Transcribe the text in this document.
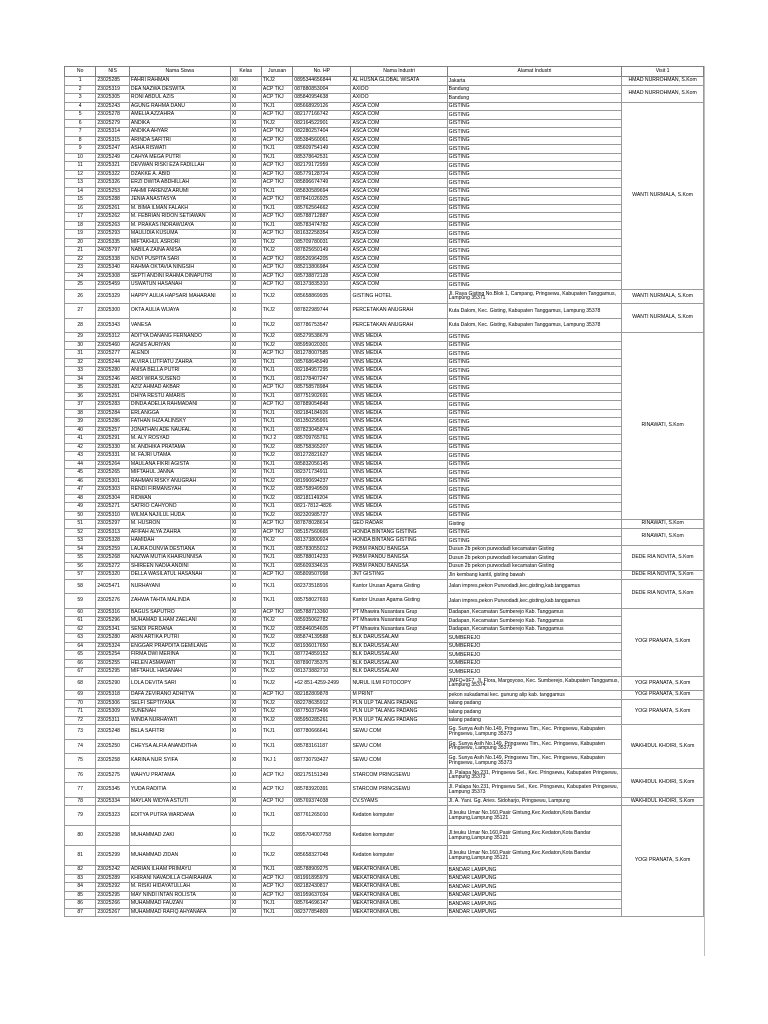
No	NIS	Nama Siswa	Kelas	Jurusan	No. HP	Nama Industri	Alamat Industri	Visit 1
1	23025285	FAHRI RAHMAN	XII	TKJ2	0895344656844	AL HUSNA GLOBAL WISATA	Jakarta	HMAD NURROHMAN, S.Kom
2	23025319	DEA NAZWA DESWITA	XI	ACP TKJ	087880853004	AXIOO	Bandung	HMAD NURROHMAN, S.Kom
3	23025305	RONI ABDUL AZIS	XI	ACP TKJ	085840954638	AXIOO	Bandung	
4	23025243	AGUNG RAHMA DANU	XI	TKJ1	085668929126	ASCA COM	GISTING	WANTI NURMALA, S.Kom
5	23025278	AMELIA AZZAHRA	XI	ACP TKJ	082177166742	ASCA COM	GISTING	
6	23025279	ANDIKA	XI	TKJ2	082164522901	ASCA COM	GISTING	
7	23025314	ANDIKA AHYAR	XI	ACP TKJ	082280257404	ASCA COM	GISTING	
8	23025315	ARINDA SAFITRI	XI	ACP TKJ	085384560061	ASCA COM	GISTING	
9	23025247	ASHA RISWATI	XI	TKJ1	085609754149	ASCA COM	GISTING	
10	23025249	CAHYA MEGA PUTRI	XI	TKJ1	085378642531	ASCA COM	GISTING	
11	23025321	DEVWAN RISKI EZA FADILLAH	XI	ACP TKJ	082179172959	ASCA COM	GISTING	
12	23025322	DZAKKE A. ABID	XI	ACP TKJ	085779128724	ASCA COM	GISTING	
13	23025326	ERZI DWITA ABDHILLAH	XI	ACP TKJ	085896674749	ASCA COM	GISTING	
14	23025253	FAHMI FARENZA ARUMI	XI	TKJ1	085830589694	ASCA COM	GISTING	
15	23025288	JENIA ANASTASYA	XI	ACP TKJ	087841026925	ASCA COM	GISTING	
16	23025261	M. BIMA ILMAN FALAKH	XI	TKJ1	085762564662	ASCA COM	GISTING	
17	23025262	M. FEBRIAN RIDON SETIAWAN	XI	ACP TKJ	085788712887	ASCA COM	GISTING	
18	23025263	M. PRAKAS INDRAWIJAYA	XI	TKJ1	085783474782	ASCA COM	GISTING	
19	23025293	MAULIDIA KUSUMA	XI	ACP TKJ	081632258354	ASCA COM	GISTING	
20	23025335	MIFTAKHUL ASRORI	XI	TKJ2	085709780031	ASCA COM	GISTING	
21	24035797	NABILA ZAINA ANISA	XI	TKJ2	087825650149	ASCA COM	GISTING	
22	23025338	NOVI PUSPITA SARI	XI	ACP TKJ	089526964205	ASCA COM	GISTING	
23	23025340	RAHMA OKTAVIA NINGSIH	XI	ACP TKJ	085213806984	ASCA COM	GISTING	
24	23025308	SEPTI ANDINI RAHMA DINAPUTRI	XI	ACP TKJ	085738872128	ASCA COM	GISTING	
25	23025459	USWATUN HASANAH	XI	ACP TKJ	081373835310	ASCA COM	GISTING	
26	23025329	HAPPY AULIA HAPSARI MAHARANI	XI	TKJ2	085658869935	GISTING HOTEL	Jl. Raya Gisting No.Blok 1, Campang, Pringsewu, Kabupaten Tanggamus, Lampung 35371	WANTI NURMALA, S.Kom
27	23025300	OKTA AULIA WIJAYA	XI	TKJ2	087822989744	PERCETAKAN ANUGRAH	Kuta Dalom, Kec. Gisting, Kabupaten Tanggamus, Lampung 35378	WANTI NURMALA, S.Kom
28	23025343	VANESA	XI	TKJ2	087786753547	PERCETAKAN ANUGRAH	Kuta Dalom, Kec. Gisting, Kabupaten Tanggamus, Lampung 35378	
29	23025312	ADITYA DANANG FERNANDO	XI	TKJ2	085279538679	VINS MEDIA	GISTING	RINAWATI, S.Kom
30	23025460	AGNIS AURIYAN	XI	TKJ2	085959020301	VINS MEDIA	GISTING	
31	23025277	ALENDI	XI	ACP TKJ	081278007585	VINS MEDIA	GISTING	
32	23025244	ALVIRA LUTFIATU ZAHRA	XI	TKJ1	085768645949	VINS MEDIA	GISTING	
33	23025280	ANISA BELLA PUTRI	XI	TKJ1	082184957295	VINS MEDIA	GISTING	
34	23025246	ARDI WIRA SUSENO	XI	TKJ1	081278407247	VINS MEDIA	GISTING	
35	23025281	AZIZ AHMAD AKBAR	XI	ACP TKJ	085758578984	VINS MEDIA	GISTING	
36	23025251	DHIYA RESTU AMARIS	XI	TKJ1	087751902691	VINS MEDIA	GISTING	
37	23025283	DINDA ADELIA RAHMADANI	XI	ACP TKJ	087889054848	VINS MEDIA	GISTING	
38	23025284	ERLANGGA	XI	TKJ1	082184184926	VINS MEDIA	GISTING	
39	23025286	FATHAN IHZA ALINSKY	XI	TKJ1	081350295991	VINS MEDIA	GISTING	
40	23025257	JONATHAN ADE NAUFAL	XI	TKJ1	087823045874	VINS MEDIA	GISTING	
41	23025291	M. ALY ROSYAD	XI	TKJ 2	085709765761	VINS MEDIA	GISTING	
42	23025330	M. ANDHIKA PRATAMA	XI	TKJ2	085758365207	VINS MEDIA	GISTING	
43	23025331	M. FAJRI UTAMA	XI	TKJ2	081272821627	VINS MEDIA	GISTING	
44	23025264	MAULANA FIKRI AGISTA	XI	TKJ1	085832056145	VINS MEDIA	GISTING	
45	23025265	MIFTAHUL JANNA	XI	TKJ1	082371734911	VINS MEDIA	GISTING	
46	23025301	RAHMAN RISKY ANUGRAH	XI	TKJ2	081990694237	VINS MEDIA	GISTING	
47	23025303	RENDI FIRMANSYAH	XI	TKJ2	085758949509	VINS MEDIA	GISTING	
48	23025304	RIDWAN	XI	TKJ2	082181149204	VINS MEDIA	GISTING	
49	23025271	SATRIO CAHYONO	XI	TKJ1	0821-7812-4826	VINS MEDIA	GISTING	
50	23025310	WILMA NAJILUL HUDA	XI	TKJ2	082320985727	VINS MEDIA	GISTING	
51	23025297	M. HUSRON	XI	ACP TKJ	087878028614	GEO RADAR	Gisting	RINAWATI, S.Kom
52	23025313	AFIFAH ALYA ZAHRA	XI	ACP TKJ	085157560665	HONDA BINTANG GISTING	GISTING	RINAWATI, S.Kom
53	23025328	HAMIDAH	XI	TKJ2	081373800924	HONDA BINTANG GISTING	GISTING	
54	23025259	LAURA DUNVIA DESTIANA	XI	TKJ1	085783055012	PKBM PANDU BANGSA	Dusun 2b pekon purwodadi kecamatan Gisting	DEDE RIA NOVITA, S.Kom
55	23025268	NAZWA MUTIA KHAIRUNNISA	XI	TKJ1	085788014233	PKBM PANDU BANGSA	Dusun 2b pekon purwodadi kecamatan Gisting	
56	23025272	SHIREEN NADIA ANDINI	XI	TKJ1	085609334615	PKBM PANDU BANGSA	Dusun 2b pekon purwodadi kecamatan Gisting	
57	23025320	DELLA WASILATUL HASANAH	XI	ACP TKJ	085809507098	JNT GISTING	Jln kembang kantil, gisting bawah	DEDE RIA NOVITA, S.Kom
58	24025471	NURHAYANI	XI	TKJ1	082373518916	Kantor Urusan Agama Gisting	Jalan impres,pekon Purwodadi,kec.gisting,kab.tanggamus	DEDE RIA NOVITA, S.Kom
59	23025276	ZAHWA TAHTA MALINDA	XI	TKJ1	085758027693	Kantor Urusan Agama Gisting	Jalan impres,pekon Purwodadi,kec.gisting,kab.tanggamus	
60	23025316	BAGUS SAPUTRO	XI	ACP TKJ	085788713360	PT Mhawira Nusantara Grup	Dadapan, Kecamatan Sumberejo Kab. Tanggamus	YOGI PRANATA, S.Kom
61	23025296	MUHAMAD ILHAM ZAELANI	XI	TKJ2	085935062782	PT Mhawira Nusantara Grup	Dadapan, Kecamatan Sumberejo Kab. Tanggamus	
62	23025341	SENDI PERDANA	XI	TKJ2	085846054605	PT Mhawira Nusantara Grup	Dadapan, Kecamatan Sumberejo Kab. Tanggamus	
63	23025280	ARIN ARTIKA PUTRI	XI	TKJ2	085874139588	BLK DARUSSALAM	SUMBEREJO	
64	23025324	ENGGAR PRAPDITA GEMILANG	XI	TKJ2	081936017650	BLK DARUSSALAM	SUMBEREJO	
65	23025254	FIRMA DWI MERINA	XI	TKJ1	087724859152	BLK DARUSSALAM	SUMBEREJO	
66	23025255	HELEN ASMAWATI	XI	TKJ1	087890735375	BLK DARUSSALAM	SUMBEREJO	
67	23025295	MIFTAHUL HASANAH	XI	TKJ2	081373882710	BLK DARUSSALAM	SUMBEREJO	
68	23025290	LOLA DEVITA SARI	XI	TKJ2	+62 851-4259-2499	NURUL ILMI FOTOCOPY	JMFQ+9F7, Jl. Flora, Margoyoso, Kec. Sumberejo, Kabupaten Tanggamus, Lampung 35374	YOGI PRANATA, S.Kom
69	23025318	DAFA ZEVIRANO ADHITYA	XI	ACP TKJ	082182809878	M PRINT	pekon sukadamai kec. gunung alip kab. tanggamus	YOGI PRANATA, S.Kom
70	23025306	SELFI SEPTIYANA	XI	TKJ2	082278635912	PLN ULP TALANG PADANG	talang padang	YOGI PRANATA, S.Kom
71	23025309	SUNENAH	XI	TKJ2	087750373496	PLN ULP TALANG PADANG	talang padang	
72	23025311	WINDA NURHAYATI	XI	TKJ2	085950285261	PLN ULP TALANG PADANG	talang padang	
73	23025248	BELA SAFITRI	XI	TKJ1	087780666641	SEWU COM	Gg. Sunya Asih No.149, Pringsewu Tim., Kec. Pringsewu, Kabupaten Pringsewu, Lampung 35373	WAKHIDUL KHOIRI, S.Kom
74	23025250	CHEYSA ALFIA ANANDITHA	XI	TKJ1	085783161187	SEWU COM	Gg. Sunya Asih No.149, Pringsewu Tim., Kec. Pringsewu, Kabupaten Pringsewu, Lampung 35373	
75	23025258	KARINA NUR SYIFA	XI	TKJ 1	087730793427	SEWU COM	Gg. Sunya Asih No.149, Pringsewu Tim., Kec. Pringsewu, Kabupaten Pringsewu, Lampung 35373	
76	23025275	WAHYU PRATAMA	XI	ACP TKJ	082175151349	STARCOM PRINGSEWU	Jl. Palapa No.231, Pringsewu Sel., Kec. Pringsewu, Kabupaten Pringsewu, Lampung 35373	WAKHIDUL KHOIRI, S.Kom
77	23025345	YUDA RADITIA	XI	ACP TKJ	085783920391	STARCOM PRINGSEWU	Jl. Palapa No.231, Pringsewu Sel., Kec. Pringsewu, Kabupaten Pringsewu, Lampung 35373	
78	23025334	MAYLAN WIDYA ASTUTI	XI	ACP TKJ	085769374038	CV.SYAMS	Jl. A. Yani. Gg. Aries. Sidoharjo, Pringsewu, Lampung	WAKHIDUL KHOIRI, S.Kom
79	23025323	EDITYA PUTRA WARDANA	XI	TKJ1	087761265010	Kedaton komputer	Jl.teuku Umar No.160,Pasir Gintung,Kec.Kedaton,Kota Bandar Lampung,Lampung 35121	YOGI PRANATA, S.Kom
80	23025298	MUHAMMAD ZAKI	XI	TKJ2	0895704007758	Kedaton komputer	Jl.teuku Umar No.160,Pasir Gintung,Kec.Kedaton,Kota Bandar Lampung,Lampung 35121	
81	23025299	MUHAMMAD ZIDAN	XI	TKJ2	085658327048	Kedaton komputer	Jl.teuku Umar No.160,Pasir Gintung,Kec.Kedaton,Kota Bandar Lampung,Lampung 35121	
82	23025242	ADRIAN ILHAM PRIMAYU	XI	TKJ1	085788909275	MEKATRONIKA UBL	BANDAR LAMPUNG	
83	23025289	KHIRANI NAVADILLA CHAIRAHMA	XI	ACP TKJ	081991895979	MEKATRONIKA UBL	BANDAR LAMPUNG	
84	23025292	M. RISKI HIDAYATULLAH	XI	ACP TKJ	082182430817	MEKATRONIKA UBL	BANDAR LAMPUNG	
85	23025295	MAY NINDI INTAN ROLISTA	XI	ACP TKJ	081959637034	MEKATRONIKA UBL	BANDAR LAMPUNG	
86	23025266	MUHAMMAD FAUZAN	XI	TKJ1	085764696147	MEKATRONIKA UBL	BANDAR LAMPUNG	
87	23025267	MUHAMMAD RAFIQ AHYANAFA	XI	TKJ1	082377854809	MEKATRONIKA UBL	BANDAR LAMPUNG	
